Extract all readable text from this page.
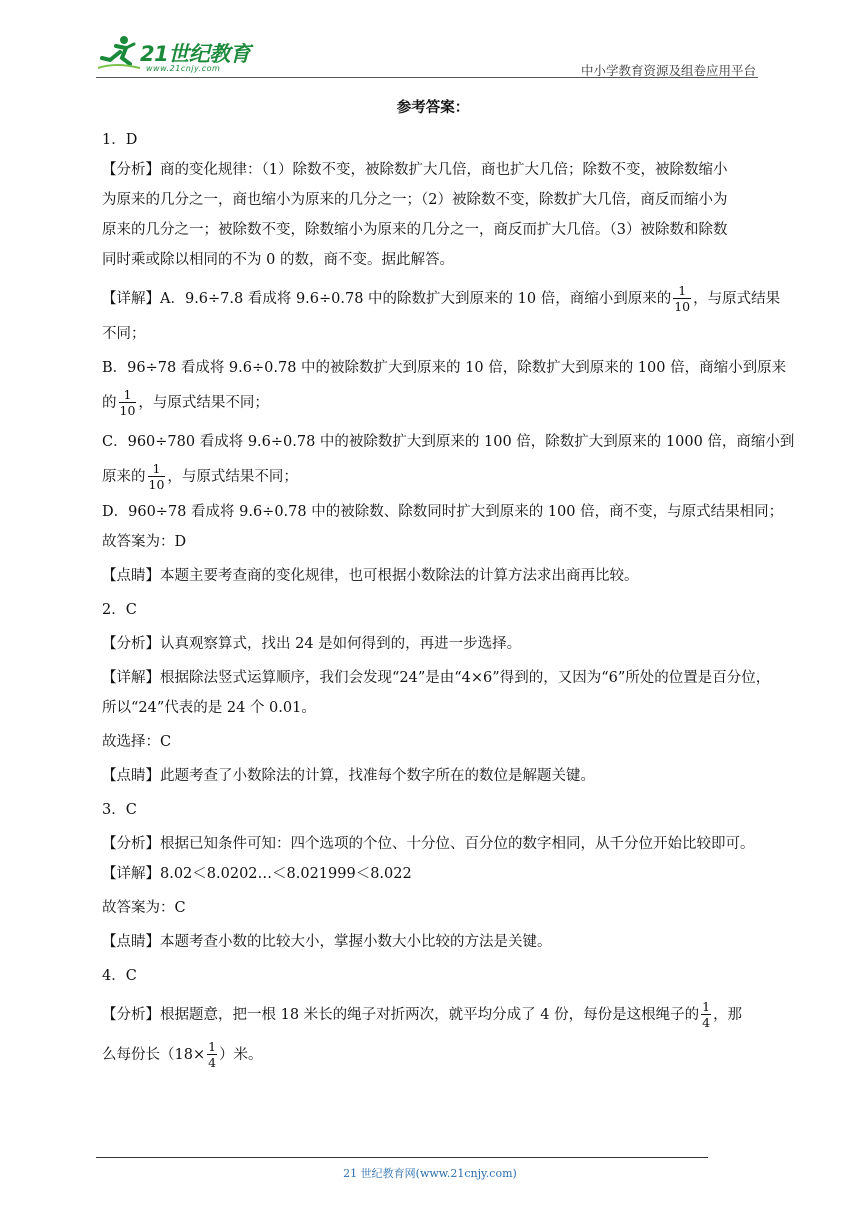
21世纪教育
www.21cnjy.com	中小学教育资源及组卷应用平台
参考答案：

1．D

【分析】商的变化规律：（1）除数不变，被除数扩大几倍，商也扩大几倍；除数不变，被除数缩小

为原来的几分之一，商也缩小为原来的几分之一；（2）被除数不变，除数扩大几倍，商反而缩小为

原来的几分之一；被除数不变，除数缩小为原来的几分之一，商反而扩大几倍。（3）被除数和除数

同时乘或除以相同的不为 0 的数，商不变。据此解答。

【详解】A．9.6÷7.8 看成将 9.6÷0.78 中的除数扩大到原来的 10 倍，商缩小到原来的 $\frac{1}{10}$ ，与原式结果

不同；

B．96÷78 看成将 9.6÷0.78 中的被除数扩大到原来的 10 倍，除数扩大到原来的 100 倍，商缩小到原来

的 $\frac{1}{10}$ ，与原式结果不同；

C．960÷780 看成将 9.6÷0.78 中的被除数扩大到原来的 100 倍，除数扩大到原来的 1000 倍，商缩小到

原来的 $\frac{1}{10}$ ，与原式结果不同；

D．960÷78 看成将 9.6÷0.78 中的被除数、除数同时扩大到原来的 100 倍，商不变，与原式结果相同；

故答案为：D

【点睛】本题主要考查商的变化规律，也可根据小数除法的计算方法求出商再比较。

2．C

【分析】认真观察算式，找出 24 是如何得到的，再进一步选择。

【详解】根据除法竖式运算顺序，我们会发现“24”是由“4×6”得到的，又因为“6”所处的位置是百分位，

所以“24”代表的是 24 个 0.01。

故选择：C

【点睛】此题考查了小数除法的计算，找准每个数字所在的数位是解题关键。

3．C

【分析】根据已知条件可知：四个选项的个位、十分位、百分位的数字相同，从千分位开始比较即可。

【详解】8.02＜8.0202…＜8.021999＜8.022

故答案为：C

【点睛】本题考查小数的比较大小，掌握小数大小比较的方法是关键。

4．C

【分析】根据题意，把一根 18 米长的绳子对折两次，就平均分成了 4 份，每份是这根绳子的 $\frac{1}{4}$ ，那

么每份长（$18\times \frac{1}{4}$ ）米。

21 世纪教育网(www.21cnjy.com)
